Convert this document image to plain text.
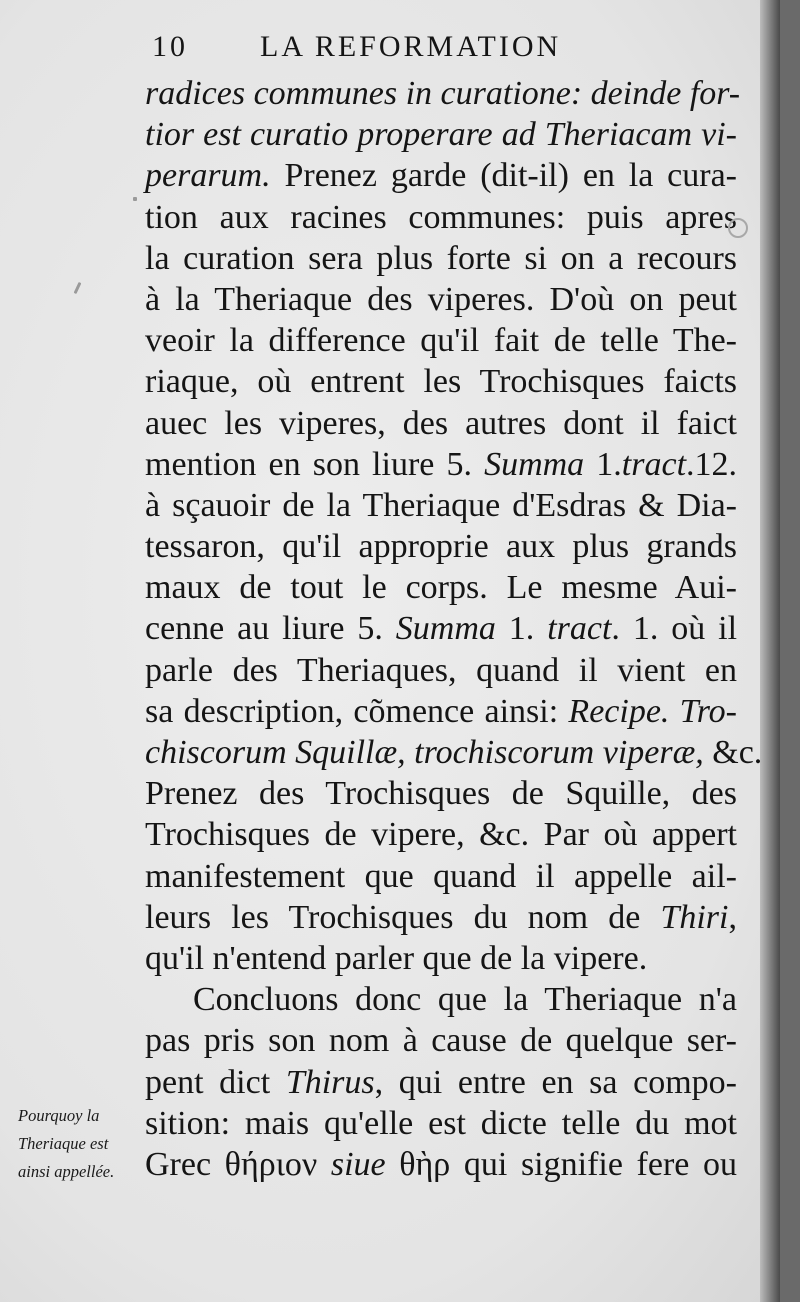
10 LA REFORMATION
radices communes in curatione: deinde for-
tior est curatio properare ad Theriacam vi-
perarum. Prenez garde (dit-il) en la cura-
tion aux racines communes: puis apres
la curation sera plus forte si on a recours
à la Theriaque des viperes. D'où on peut
veoir la difference qu'il fait de telle The-
riaque, où entrent les Trochisques faicts
auec les viperes, des autres dont il faict
mention en son liure 5. Summa 1.tract.12.
à sçauoir de la Theriaque d'Esdras & Dia-
tessaron, qu'il approprie aux plus grands
maux de tout le corps. Le mesme Aui-
cenne au liure 5. Summa 1. tract. 1. où il
parle des Theriaques, quand il vient en
sa description, cõmence ainsi: Recipe. Tro-
chiscorum Squillæ, trochiscorum viperæ, &c.
Prenez des Trochisques de Squille, des
Trochisques de vipere, &c. Par où appert
manifestement que quand il appelle ail-
leurs les Trochisques du nom de Thiri,
qu'il n'entend parler que de la vipere.
Concluons donc que la Theriaque n'a
pas pris son nom à cause de quelque ser-
pent dict Thirus, qui entre en sa compo-
sition: mais qu'elle est dicte telle du mot
Grec θήριον siue θὴρ qui signifie fere ou
Pourquoy la
Theriaque est
ainsi appellée.
